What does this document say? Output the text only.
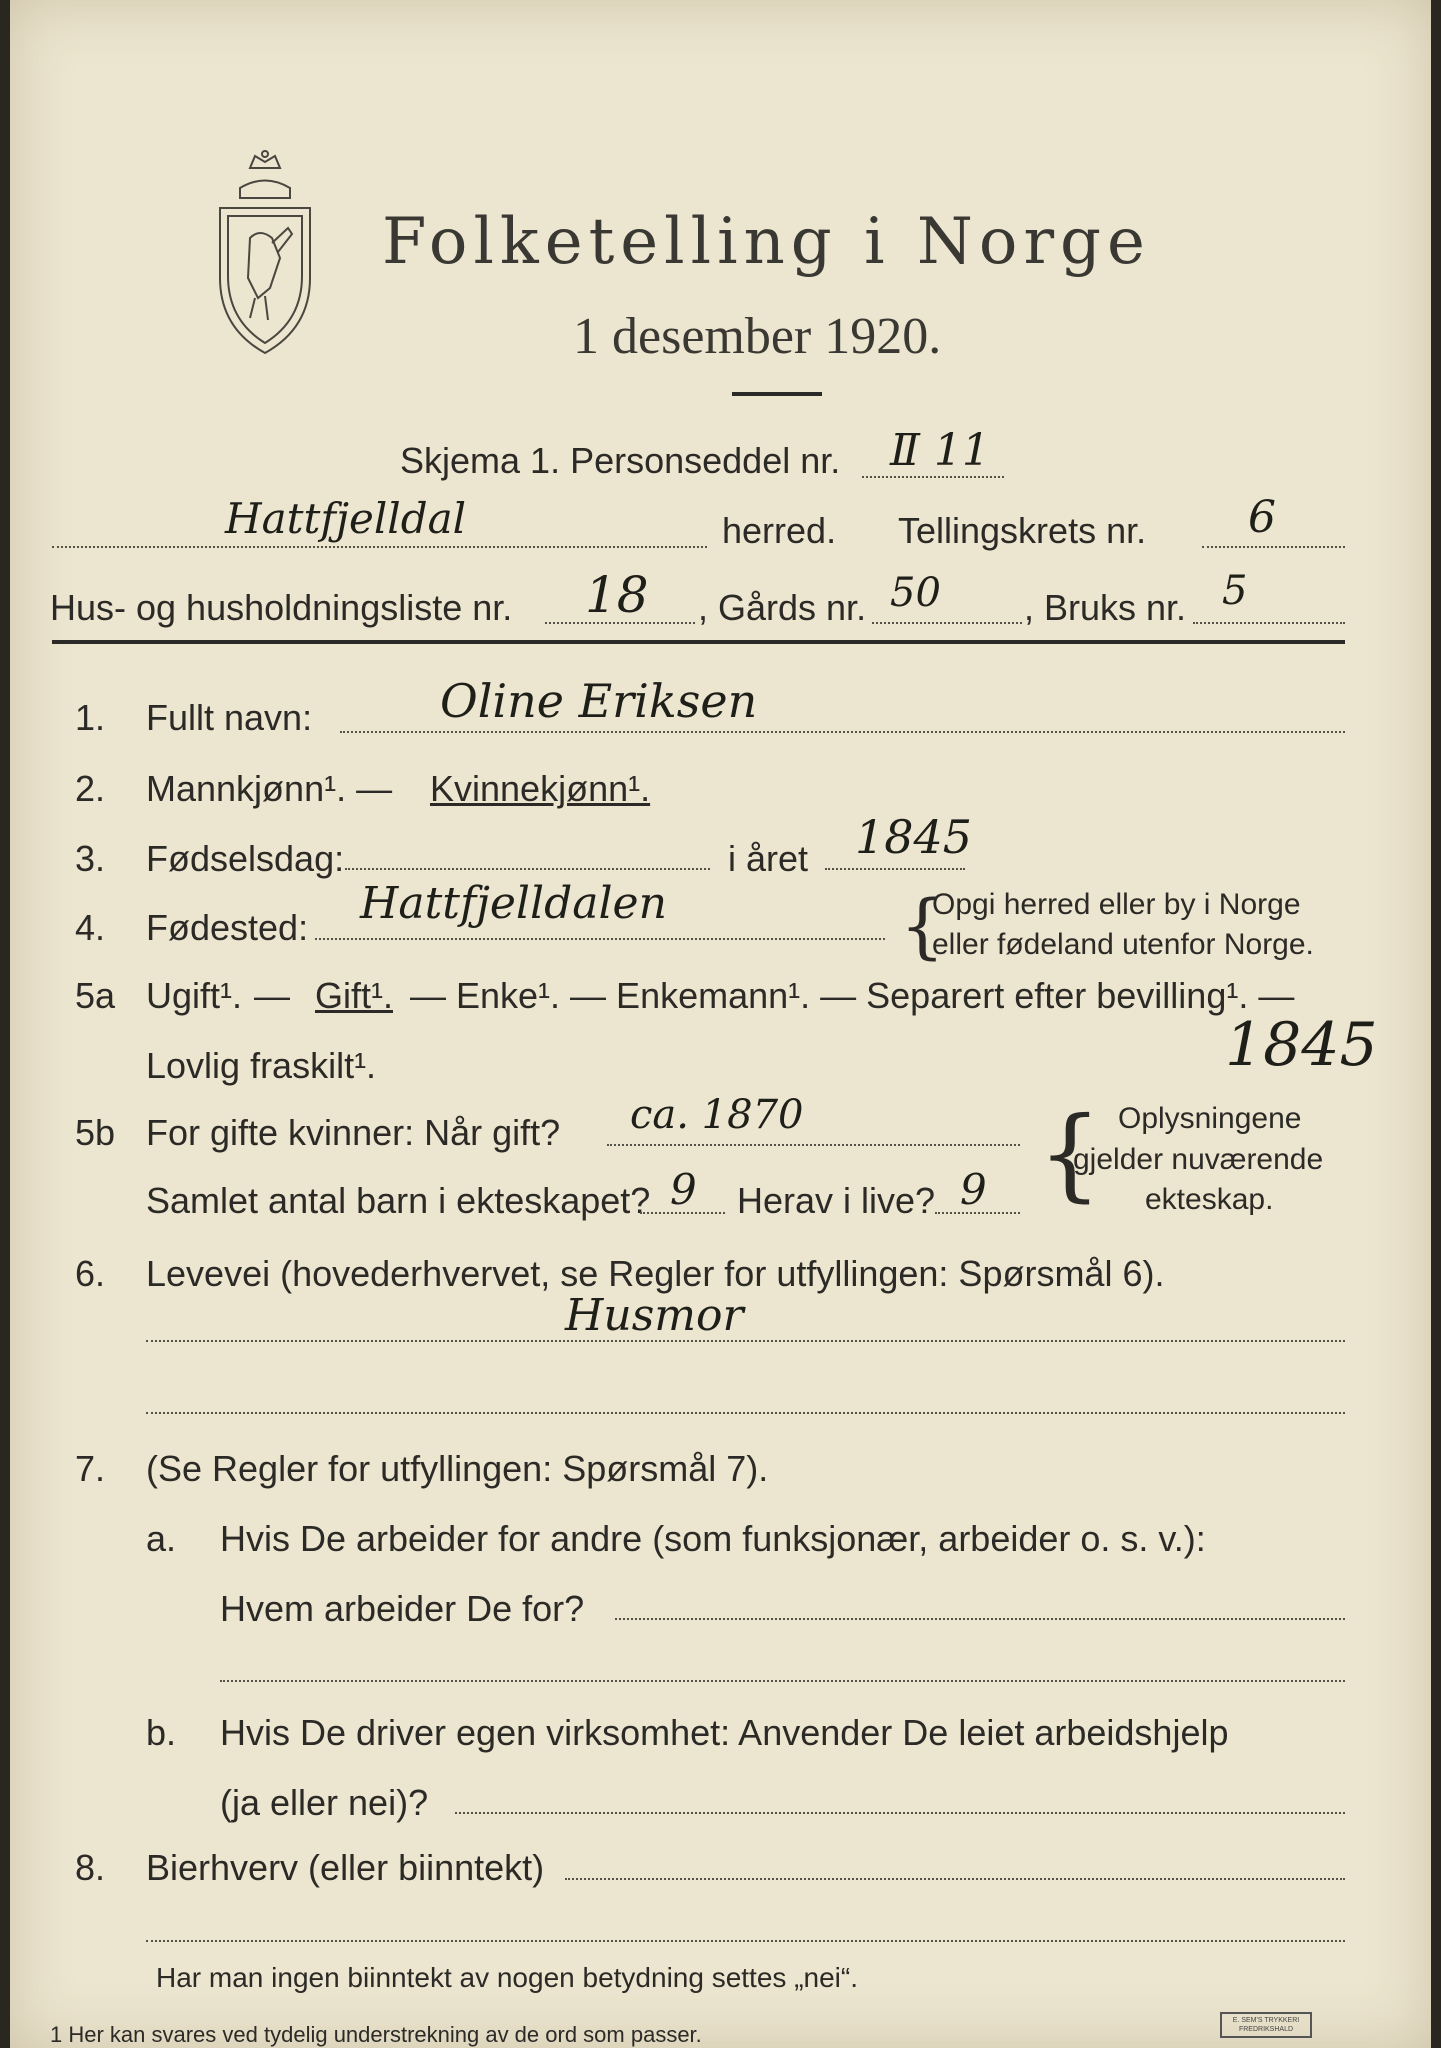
Folketelling i Norge
1 desember 1920.
Skjema 1. Personseddel nr. Ⅱ 11
Hattfjelldal	herred. Tellingskrets nr. 6
Hus- og husholdningsliste nr. 18 , Gårds nr. 50 , Bruks nr. 5
1. Fullt navn:	Oline Eriksen
2. Mannkjønn¹. — Kvinnekjønn¹.
3. Fødselsdag:	i året 1845
4. Fødested: Hattfjelldalen	{
Opgi herred eller by i Norge
eller fødeland utenfor Norge.
5a Ugift¹. — Gift¹. — Enke¹. — Enkemann¹. — Separert efter bevilling¹. —
Lovlig fraskilt¹.	1845
5b For gifte kvinner: Når gift? ca. 1870
Samlet antal barn i ekteskapet? 9 Herav i live? 9 { Oplysningene
gjelder nuværende
ekteskap.
6. Levevei (hovederhvervet, se Regler for utfyllingen: Spørsmål 6).
Husmor
7. (Se Regler for utfyllingen: Spørsmål 7).
a. Hvis De arbeider for andre (som funksjonær, arbeider o. s. v.):
Hvem arbeider De for?
b. Hvis De driver egen virksomhet: Anvender De leiet arbeidshjelp
(ja eller nei)?
8. Bierhverv (eller biinntekt)
Har man ingen biinntekt av nogen betydning settes „nei“.
1 Her kan svares ved tydelig understrekning av de ord som passer.
E. SEM'S TRYKKERI FREDRIKSHALD
